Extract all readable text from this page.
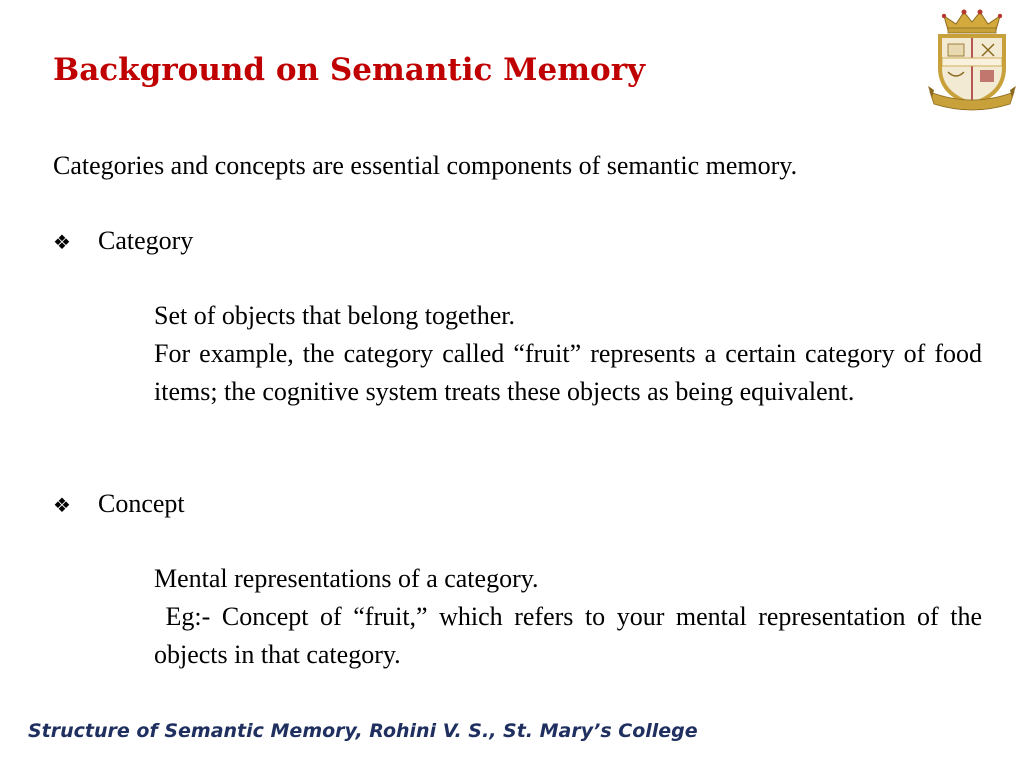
Background on Semantic Memory
Categories and concepts are essential components of semantic memory.
❖ Category
Set of objects that belong together.
For example, the category called “fruit” represents a certain category of food items; the cognitive system treats these objects as being equivalent.
❖ Concept
Mental representations of a category.
Eg:- Concept of “fruit,” which refers to your mental representation of the objects in that category.
Structure of Semantic Memory, Rohini V. S., St. Mary’s College
